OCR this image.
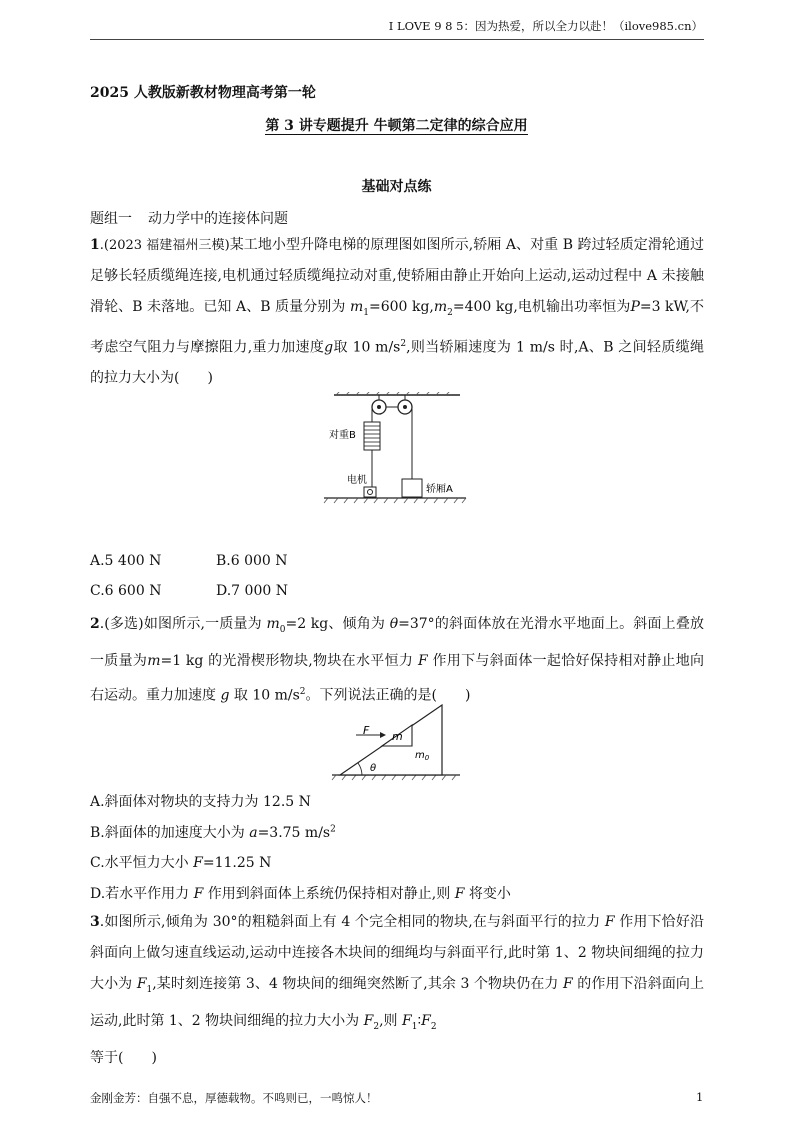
I LOVE 9 8 5：因为热爱，所以全力以赴！（ilove985.cn）
2025 人教版新教材物理高考第一轮
第 3 讲专题提升 牛顿第二定律的综合应用
基础对点练
题组一 动力学中的连接体问题
1.(2023 福建福州三模)某工地小型升降电梯的原理图如图所示,轿厢 A、对重 B 跨过轻质定滑轮通过足够长轻质缆绳连接,电机通过轻质缆绳拉动对重,使轿厢由静止开始向上运动,运动过程中 A 未接触滑轮、B 未落地。已知 A、B 质量分别为 $m_1=600$ $kg,m_2=400$ kg,电机输出功率恒为P=3 kW,不考虑空气阻力与摩擦阻力,重力加速度g取 10 $m/s^2$,则当轿厢速度为 1 m/s 时,A、B 之间轻质缆绳的拉力大小为(　　)
对重B
电机
轿厢A
A.5 400 N	B.6 000 N
C.6 600 N	D.7 000 N
2.(多选)如图所示,一质量为 $m_0=2$ kg、倾角为 θ=37°的斜面体放在光滑水平地面上。斜面上叠放一质量为m=1 kg 的光滑楔形物块,物块在水平恒力 F 作用下与斜面体一起恰好保持相对静止地向右运动。重力加速度 g 取 10 $m/s^2$。下列说法正确的是(　　)
F m
$m_0$
θ
A.斜面体对物块的支持力为 12.5 N
B.斜面体的加速度大小为 a=3.75 $m/s^2$
C.水平恒力大小 F=11.25 N
D.若水平作用力 F 作用到斜面体上系统仍保持相对静止,则 F 将变小
3.如图所示,倾角为 30°的粗糙斜面上有 4 个完全相同的物块,在与斜面平行的拉力 F 作用下恰好沿斜面向上做匀速直线运动,运动中连接各木块间的细绳均与斜面平行,此时第 1、2 物块间细绳的拉力大小为 $F_1$,某时刻连接第 3、4 物块间的细绳突然断了,其余 3 个物块仍在力 F 的作用下沿斜面向上运动,此时第 1、2 物块间细绳的拉力大小为 $F_2$,则 $F_1∶F_2$
等于(　　)
金刚金芳：自强不息，厚德载物。不鸣则已，一鸣惊人！	1
